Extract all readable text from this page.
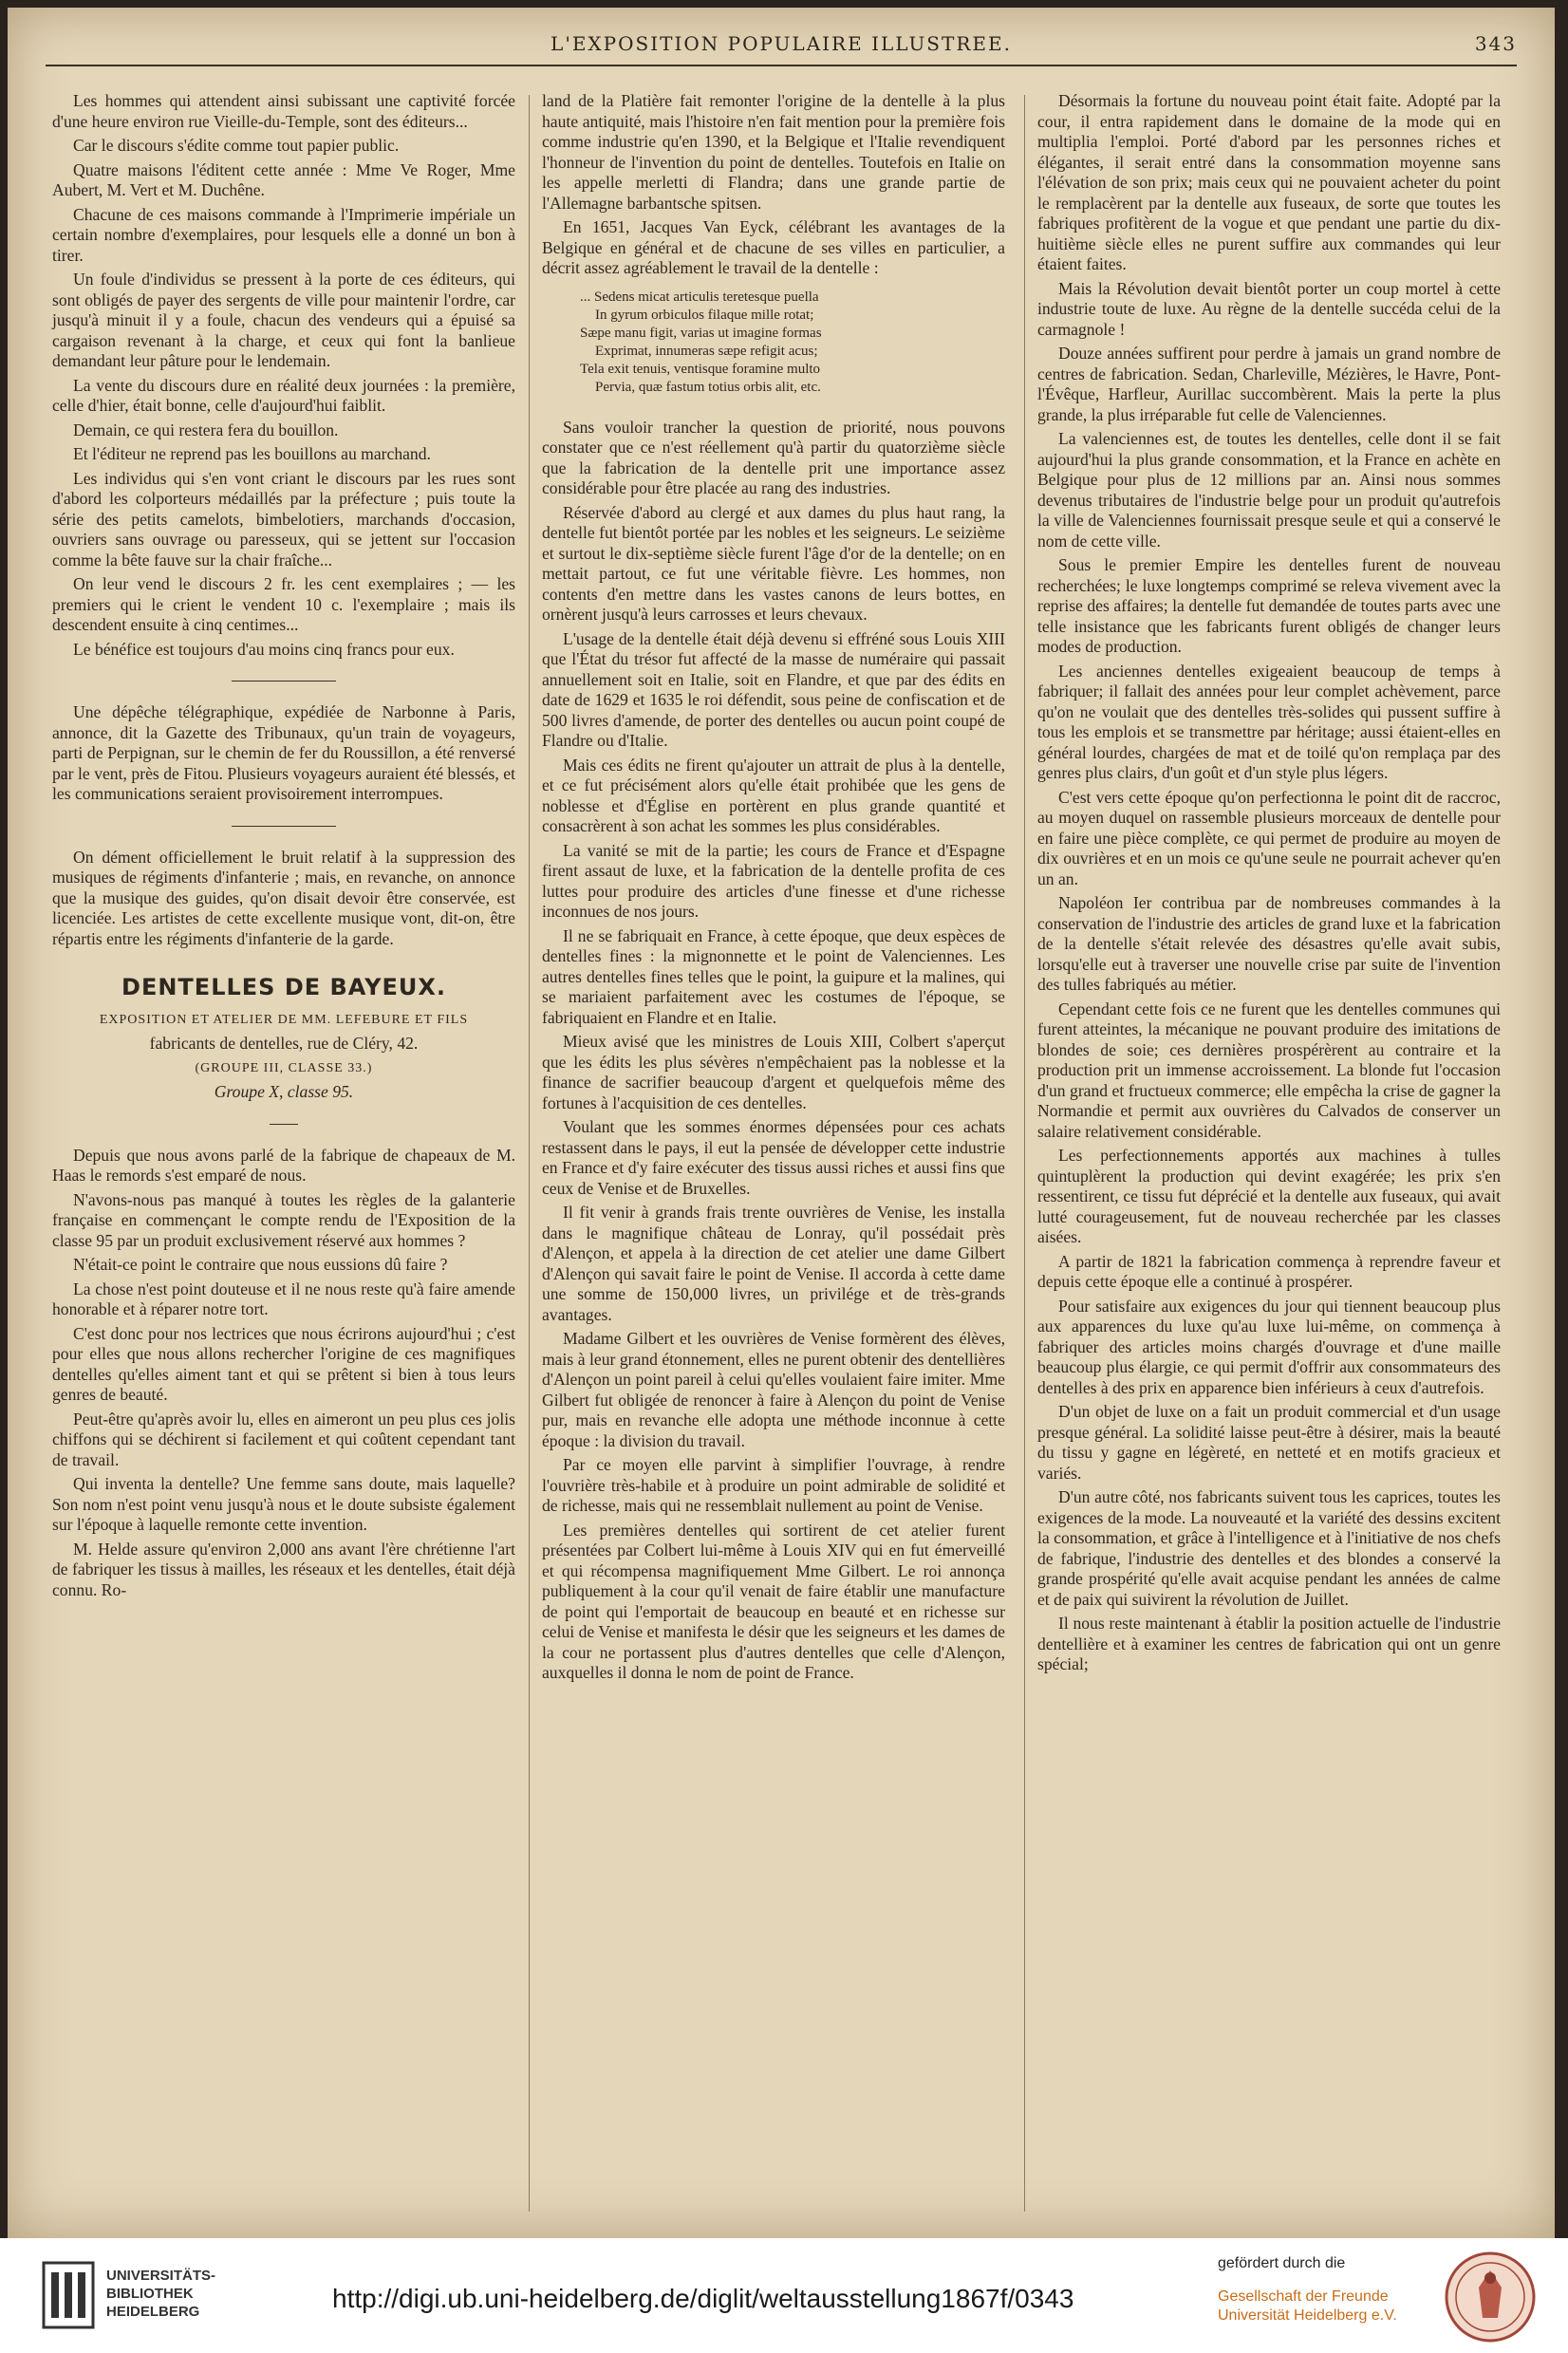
L'EXPOSITION POPULAIRE ILLUSTREE.	343

Les hommes qui attendent ainsi subissant une captivité forcée d'une heure environ rue Vieille-du-Temple, sont des éditeurs...

Car le discours s'édite comme tout papier public.

Quatre maisons l'éditent cette année : Mme Ve Roger, Mme Aubert, M. Vert et M. Duchêne.

Chacune de ces maisons commande à l'Imprimerie impériale un certain nombre d'exemplaires, pour lesquels elle a donné un bon à tirer.

Un foule d'individus se pressent à la porte de ces éditeurs, qui sont obligés de payer des sergents de ville pour maintenir l'ordre, car jusqu'à minuit il y a foule, chacun des vendeurs qui a épuisé sa cargaison revenant à la charge, et ceux qui font la banlieue demandant leur pâture pour le lendemain.

La vente du discours dure en réalité deux journées : la première, celle d'hier, était bonne, celle d'aujourd'hui faiblit.

Demain, ce qui restera fera du bouillon.

Et l'éditeur ne reprend pas les bouillons au marchand.

Les individus qui s'en vont criant le discours par les rues sont d'abord les colporteurs médaillés par la préfecture ; puis toute la série des petits camelots, bimbelotiers, marchands d'occasion, ouvriers sans ouvrage ou paresseux, qui se jettent sur l'occasion comme la bête fauve sur la chair fraîche...

On leur vend le discours 2 fr. les cent exemplaires ; — les premiers qui le crient le vendent 10 c. l'exemplaire ; mais ils descendent ensuite à cinq centimes...

Le bénéfice est toujours d'au moins cinq francs pour eux.

Une dépêche télégraphique, expédiée de Narbonne à Paris, annonce, dit la Gazette des Tribunaux, qu'un train de voyageurs, parti de Perpignan, sur le chemin de fer du Roussillon, a été renversé par le vent, près de Fitou. Plusieurs voyageurs auraient été blessés, et les communications seraient provisoirement interrompues.

On dément officiellement le bruit relatif à la suppression des musiques de régiments d'infanterie ; mais, en revanche, on annonce que la musique des guides, qu'on disait devoir être conservée, est licenciée. Les artistes de cette excellente musique vont, dit-on, être répartis entre les régiments d'infanterie de la garde.

DENTELLES DE BAYEUX.

EXPOSITION ET ATELIER DE MM. LEFEBURE ET FILS

fabricants de dentelles, rue de Cléry, 42.

(GROUPE III, CLASSE 33.)

Groupe X, classe 95.

Depuis que nous avons parlé de la fabrique de chapeaux de M. Haas le remords s'est emparé de nous.

N'avons-nous pas manqué à toutes les règles de la galanterie française en commençant le compte rendu de l'Exposition de la classe 95 par un produit exclusivement réservé aux hommes ?

N'était-ce point le contraire que nous eussions dû faire ?

La chose n'est point douteuse et il ne nous reste qu'à faire amende honorable et à réparer notre tort.

C'est donc pour nos lectrices que nous écrirons aujourd'hui ; c'est pour elles que nous allons rechercher l'origine de ces magnifiques dentelles qu'elles aiment tant et qui se prêtent si bien à tous leurs genres de beauté.

Peut-être qu'après avoir lu, elles en aimeront un peu plus ces jolis chiffons qui se déchirent si facilement et qui coûtent cependant tant de travail.

Qui inventa la dentelle? Une femme sans doute, mais laquelle? Son nom n'est point venu jusqu'à nous et le doute subsiste également sur l'époque à laquelle remonte cette invention.

M. Helde assure qu'environ 2,000 ans avant l'ère chrétienne l'art de fabriquer les tissus à mailles, les réseaux et les dentelles, était déjà connu. Ro-

land de la Platière fait remonter l'origine de la dentelle à la plus haute antiquité, mais l'histoire n'en fait mention pour la première fois comme industrie qu'en 1390, et la Belgique et l'Italie revendiquent l'honneur de l'invention du point de dentelles. Toutefois en Italie on les appelle merletti di Flandra; dans une grande partie de l'Allemagne barbantsche spitsen.

En 1651, Jacques Van Eyck, célébrant les avantages de la Belgique en général et de chacune de ses villes en particulier, a décrit assez agréablement le travail de la dentelle :

... Sedens micat articulis teretesque puella
In gyrum orbiculos filaque mille rotat;
Sæpe manu figit, varias ut imagine formas
Exprimat, innumeras sæpe refigit acus;
Tela exit tenuis, ventisque foramine multo
Pervia, quæ fastum totius orbis alit, etc.

Sans vouloir trancher la question de priorité, nous pouvons constater que ce n'est réellement qu'à partir du quatorzième siècle que la fabrication de la dentelle prit une importance assez considérable pour être placée au rang des industries.

Réservée d'abord au clergé et aux dames du plus haut rang, la dentelle fut bientôt portée par les nobles et les seigneurs. Le seizième et surtout le dix-septième siècle furent l'âge d'or de la dentelle; on en mettait partout, ce fut une véritable fièvre. Les hommes, non contents d'en mettre dans les vastes canons de leurs bottes, en ornèrent jusqu'à leurs carrosses et leurs chevaux.

L'usage de la dentelle était déjà devenu si effréné sous Louis XIII que l'État du trésor fut affecté de la masse de numéraire qui passait annuellement soit en Italie, soit en Flandre, et que par des édits en date de 1629 et 1635 le roi défendit, sous peine de confiscation et de 500 livres d'amende, de porter des dentelles ou aucun point coupé de Flandre ou d'Italie.

Mais ces édits ne firent qu'ajouter un attrait de plus à la dentelle, et ce fut précisément alors qu'elle était prohibée que les gens de noblesse et d'Église en portèrent en plus grande quantité et consacrèrent à son achat les sommes les plus considérables.

La vanité se mit de la partie; les cours de France et d'Espagne firent assaut de luxe, et la fabrication de la dentelle profita de ces luttes pour produire des articles d'une finesse et d'une richesse inconnues de nos jours.

Il ne se fabriquait en France, à cette époque, que deux espèces de dentelles fines : la mignonnette et le point de Valenciennes. Les autres dentelles fines telles que le point, la guipure et la malines, qui se mariaient parfaitement avec les costumes de l'époque, se fabriquaient en Flandre et en Italie.

Mieux avisé que les ministres de Louis XIII, Colbert s'aperçut que les édits les plus sévères n'empêchaient pas la noblesse et la finance de sacrifier beaucoup d'argent et quelquefois même des fortunes à l'acquisition de ces dentelles.

Voulant que les sommes énormes dépensées pour ces achats restassent dans le pays, il eut la pensée de développer cette industrie en France et d'y faire exécuter des tissus aussi riches et aussi fins que ceux de Venise et de Bruxelles.

Il fit venir à grands frais trente ouvrières de Venise, les installa dans le magnifique château de Lonray, qu'il possédait près d'Alençon, et appela à la direction de cet atelier une dame Gilbert d'Alençon qui savait faire le point de Venise. Il accorda à cette dame une somme de 150,000 livres, un privilége et de très-grands avantages.

Madame Gilbert et les ouvrières de Venise formèrent des élèves, mais à leur grand étonnement, elles ne purent obtenir des dentellières d'Alençon un point pareil à celui qu'elles voulaient faire imiter. Mme Gilbert fut obligée de renoncer à faire à Alençon du point de Venise pur, mais en revanche elle adopta une méthode inconnue à cette époque : la division du travail.

Par ce moyen elle parvint à simplifier l'ouvrage, à rendre l'ouvrière très-habile et à produire un point admirable de solidité et de richesse, mais qui ne ressemblait nullement au point de Venise.

Les premières dentelles qui sortirent de cet atelier furent présentées par Colbert lui-même à Louis XIV qui en fut émerveillé et qui récompensa magnifiquement Mme Gilbert. Le roi annonça publiquement à la cour qu'il venait de faire établir une manufacture de point qui l'emportait de beaucoup en beauté et en richesse sur celui de Venise et manifesta le désir que les seigneurs et les dames de la cour ne portassent plus d'autres dentelles que celle d'Alençon, auxquelles il donna le nom de point de France.

Désormais la fortune du nouveau point était faite. Adopté par la cour, il entra rapidement dans le domaine de la mode qui en multiplia l'emploi. Porté d'abord par les personnes riches et élégantes, il serait entré dans la consommation moyenne sans l'élévation de son prix; mais ceux qui ne pouvaient acheter du point le remplacèrent par la dentelle aux fuseaux, de sorte que toutes les fabriques profitèrent de la vogue et que pendant une partie du dix-huitième siècle elles ne purent suffire aux commandes qui leur étaient faites.

Mais la Révolution devait bientôt porter un coup mortel à cette industrie toute de luxe. Au règne de la dentelle succéda celui de la carmagnole !

Douze années suffirent pour perdre à jamais un grand nombre de centres de fabrication. Sedan, Charleville, Mézières, le Havre, Pont-l'Évêque, Harfleur, Aurillac succombèrent. Mais la perte la plus grande, la plus irréparable fut celle de Valenciennes.

La valenciennes est, de toutes les dentelles, celle dont il se fait aujourd'hui la plus grande consommation, et la France en achète en Belgique pour plus de 12 millions par an. Ainsi nous sommes devenus tributaires de l'industrie belge pour un produit qu'autrefois la ville de Valenciennes fournissait presque seule et qui a conservé le nom de cette ville.

Sous le premier Empire les dentelles furent de nouveau recherchées; le luxe longtemps comprimé se releva vivement avec la reprise des affaires; la dentelle fut demandée de toutes parts avec une telle insistance que les fabricants furent obligés de changer leurs modes de production.

Les anciennes dentelles exigeaient beaucoup de temps à fabriquer; il fallait des années pour leur complet achèvement, parce qu'on ne voulait que des dentelles très-solides qui pussent suffire à tous les emplois et se transmettre par héritage; aussi étaient-elles en général lourdes, chargées de mat et de toilé qu'on remplaça par des genres plus clairs, d'un goût et d'un style plus légers.

C'est vers cette époque qu'on perfectionna le point dit de raccroc, au moyen duquel on rassemble plusieurs morceaux de dentelle pour en faire une pièce complète, ce qui permet de produire au moyen de dix ouvrières et en un mois ce qu'une seule ne pourrait achever qu'en un an.

Napoléon Ier contribua par de nombreuses commandes à la conservation de l'industrie des articles de grand luxe et la fabrication de la dentelle s'était relevée des désastres qu'elle avait subis, lorsqu'elle eut à traverser une nouvelle crise par suite de l'invention des tulles fabriqués au métier.

Cependant cette fois ce ne furent que les dentelles communes qui furent atteintes, la mécanique ne pouvant produire des imitations de blondes de soie; ces dernières prospérèrent au contraire et la production prit un immense accroissement. La blonde fut l'occasion d'un grand et fructueux commerce; elle empêcha la crise de gagner la Normandie et permit aux ouvrières du Calvados de conserver un salaire relativement considérable.

Les perfectionnements apportés aux machines à tulles quintuplèrent la production qui devint exagérée; les prix s'en ressentirent, ce tissu fut déprécié et la dentelle aux fuseaux, qui avait lutté courageusement, fut de nouveau recherchée par les classes aisées.

A partir de 1821 la fabrication commença à reprendre faveur et depuis cette époque elle a continué à prospérer.

Pour satisfaire aux exigences du jour qui tiennent beaucoup plus aux apparences du luxe qu'au luxe lui-même, on commença à fabriquer des articles moins chargés d'ouvrage et d'une maille beaucoup plus élargie, ce qui permit d'offrir aux consommateurs des dentelles à des prix en apparence bien inférieurs à ceux d'autrefois.

D'un objet de luxe on a fait un produit commercial et d'un usage presque général. La solidité laisse peut-être à désirer, mais la beauté du tissu y gagne en légèreté, en netteté et en motifs gracieux et variés.

D'un autre côté, nos fabricants suivent tous les caprices, toutes les exigences de la mode. La nouveauté et la variété des dessins excitent la consommation, et grâce à l'intelligence et à l'initiative de nos chefs de fabrique, l'industrie des dentelles et des blondes a conservé la grande prospérité qu'elle avait acquise pendant les années de calme et de paix qui suivirent la révolution de Juillet.

Il nous reste maintenant à établir la position actuelle de l'industrie dentellière et à examiner les centres de fabrication qui ont un genre spécial;

UNIVERSITÄTS-
BIBLIOTHEK
HEIDELBERG	http://digi.ub.uni-heidelberg.de/diglit/weltausstellung1867f/0343
gefördert durch die
Gesellschaft der Freunde
Universität Heidelberg e.V.
